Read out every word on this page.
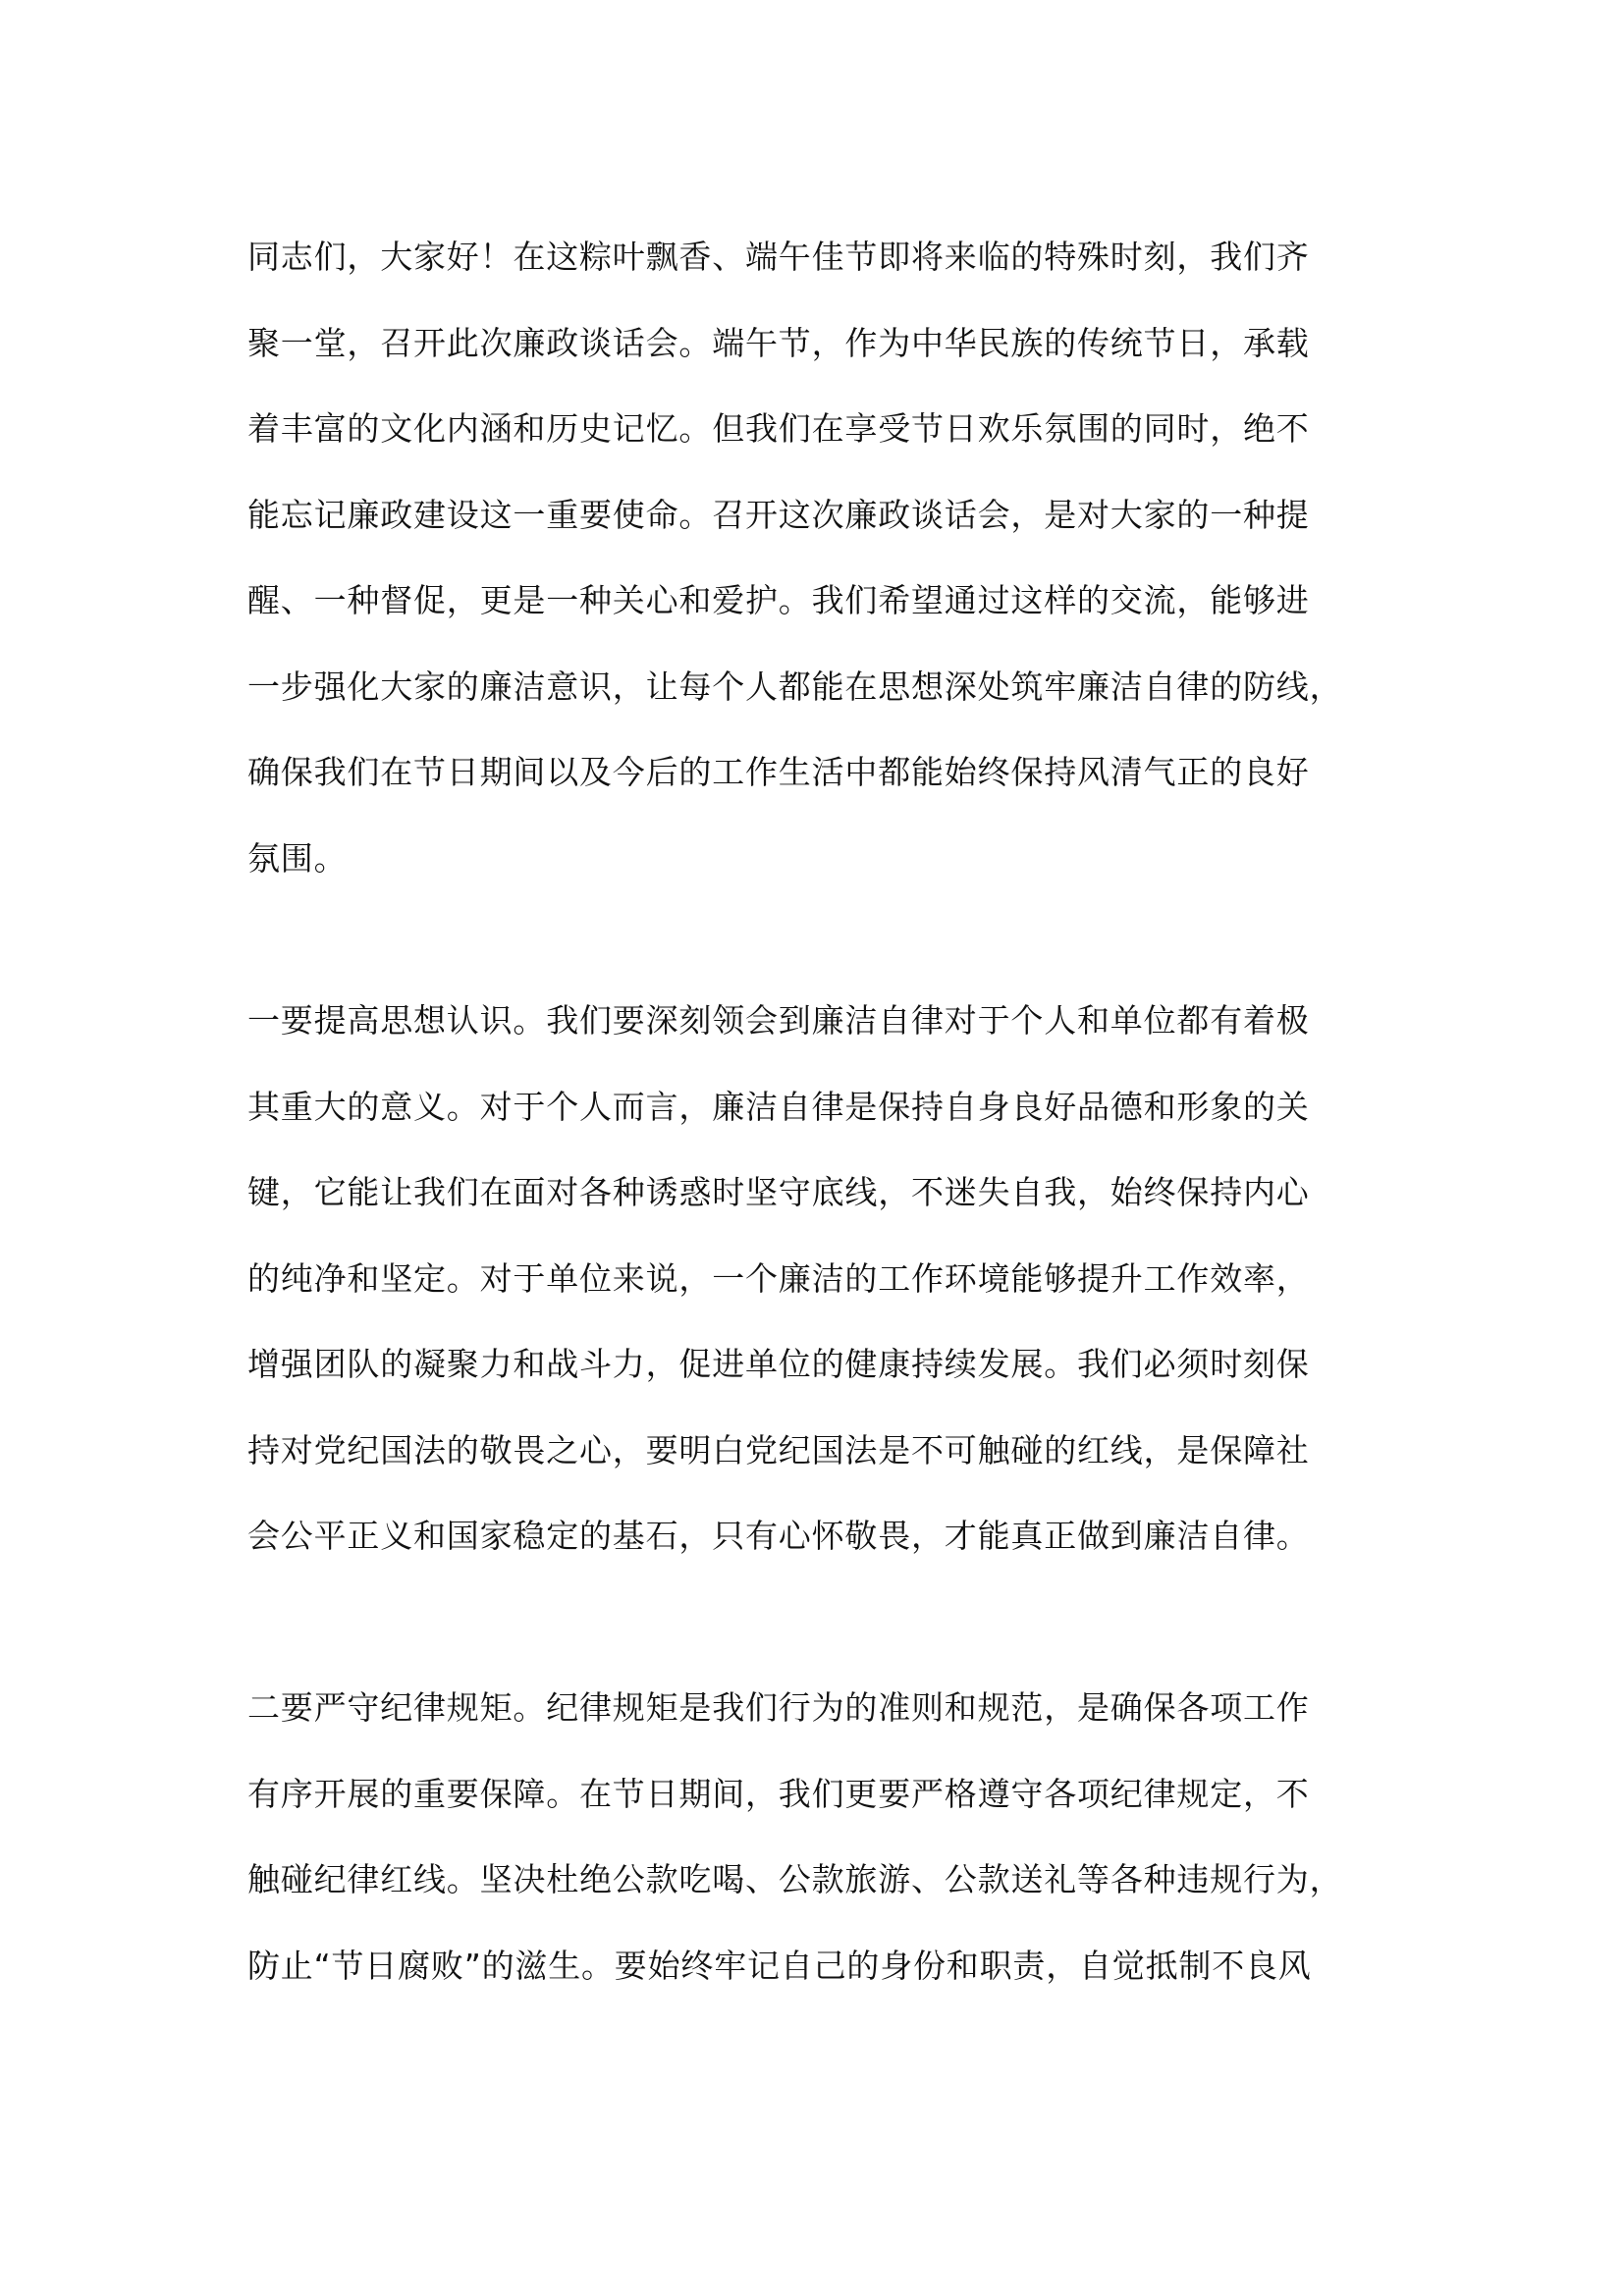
同志们，大家好！在这粽叶飘香、端午佳节即将来临的特殊时刻，我们齐
聚一堂，召开此次廉政谈话会。端午节，作为中华民族的传统节日，承载
着丰富的文化内涵和历史记忆。但我们在享受节日欢乐氛围的同时，绝不
能忘记廉政建设这一重要使命。召开这次廉政谈话会，是对大家的一种提
醒、一种督促，更是一种关心和爱护。我们希望通过这样的交流，能够进
一步强化大家的廉洁意识，让每个人都能在思想深处筑牢廉洁自律的防线，
确保我们在节日期间以及今后的工作生活中都能始终保持风清气正的良好
氛围。
一要提高思想认识。我们要深刻领会到廉洁自律对于个人和单位都有着极
其重大的意义。对于个人而言，廉洁自律是保持自身良好品德和形象的关
键，它能让我们在面对各种诱惑时坚守底线，不迷失自我，始终保持内心
的纯净和坚定。对于单位来说，一个廉洁的工作环境能够提升工作效率，
增强团队的凝聚力和战斗力，促进单位的健康持续发展。我们必须时刻保
持对党纪国法的敬畏之心，要明白党纪国法是不可触碰的红线，是保障社
会公平正义和国家稳定的基石，只有心怀敬畏，才能真正做到廉洁自律。
二要严守纪律规矩。纪律规矩是我们行为的准则和规范，是确保各项工作
有序开展的重要保障。在节日期间，我们更要严格遵守各项纪律规定，不
触碰纪律红线。坚决杜绝公款吃喝、公款旅游、公款送礼等各种违规行为，
防止“节日腐败”的滋生。要始终牢记自己的身份和职责，自觉抵制不良风
